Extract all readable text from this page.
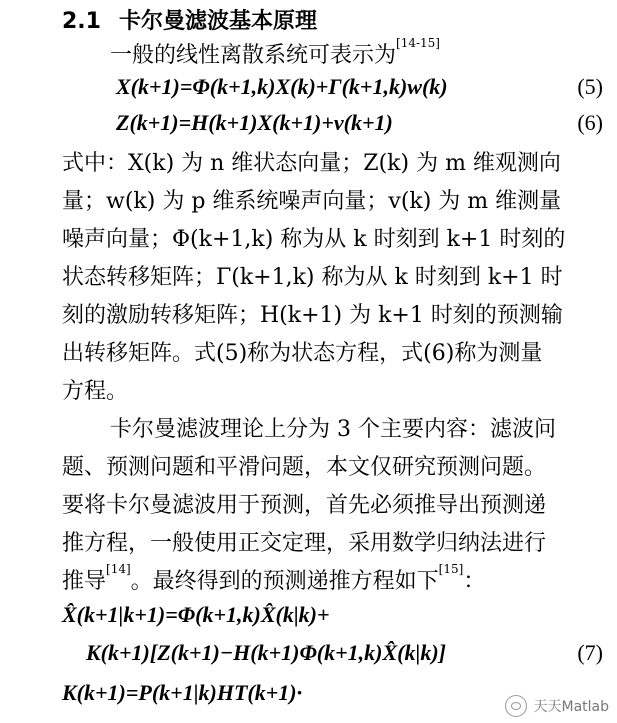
2.1 卡尔曼滤波基本原理
一般的线性离散系统可表示为[14-15]
X(k+1)=Φ(k+1,k)X(k)+Γ(k+1,k)w(k)	(5)
Z(k+1)=H(k+1)X(k+1)+v(k+1)	(6)
式中：X(k) 为 n 维状态向量；Z(k) 为 m 维观测向
量；w(k) 为 p 维系统噪声向量；v(k) 为 m 维测量
噪声向量；Φ(k+1,k) 称为从 k 时刻到 k+1 时刻的
状态转移矩阵；Γ(k+1,k) 称为从 k 时刻到 k+1 时
刻的激励转移矩阵；H(k+1) 为 k+1 时刻的预测输
出转移矩阵。式(5)称为状态方程，式(6)称为测量
方程。
卡尔曼滤波理论上分为 3 个主要内容：滤波问
题、预测问题和平滑问题，本文仅研究预测问题。
要将卡尔曼滤波用于预测，首先必须推导出预测递
推方程，一般使用正交定理，采用数学归纳法进行
推导[14]。最终得到的预测递推方程如下[15]：
X̂(k+1|k+1)=Φ(k+1,k)X̂(k|k)+
K(k+1)[Z(k+1)−H(k+1)Φ(k+1,k)X̂(k|k)]	(7)
K(k+1)=P(k+1|k)HT(k+1)·
天天Matlab
